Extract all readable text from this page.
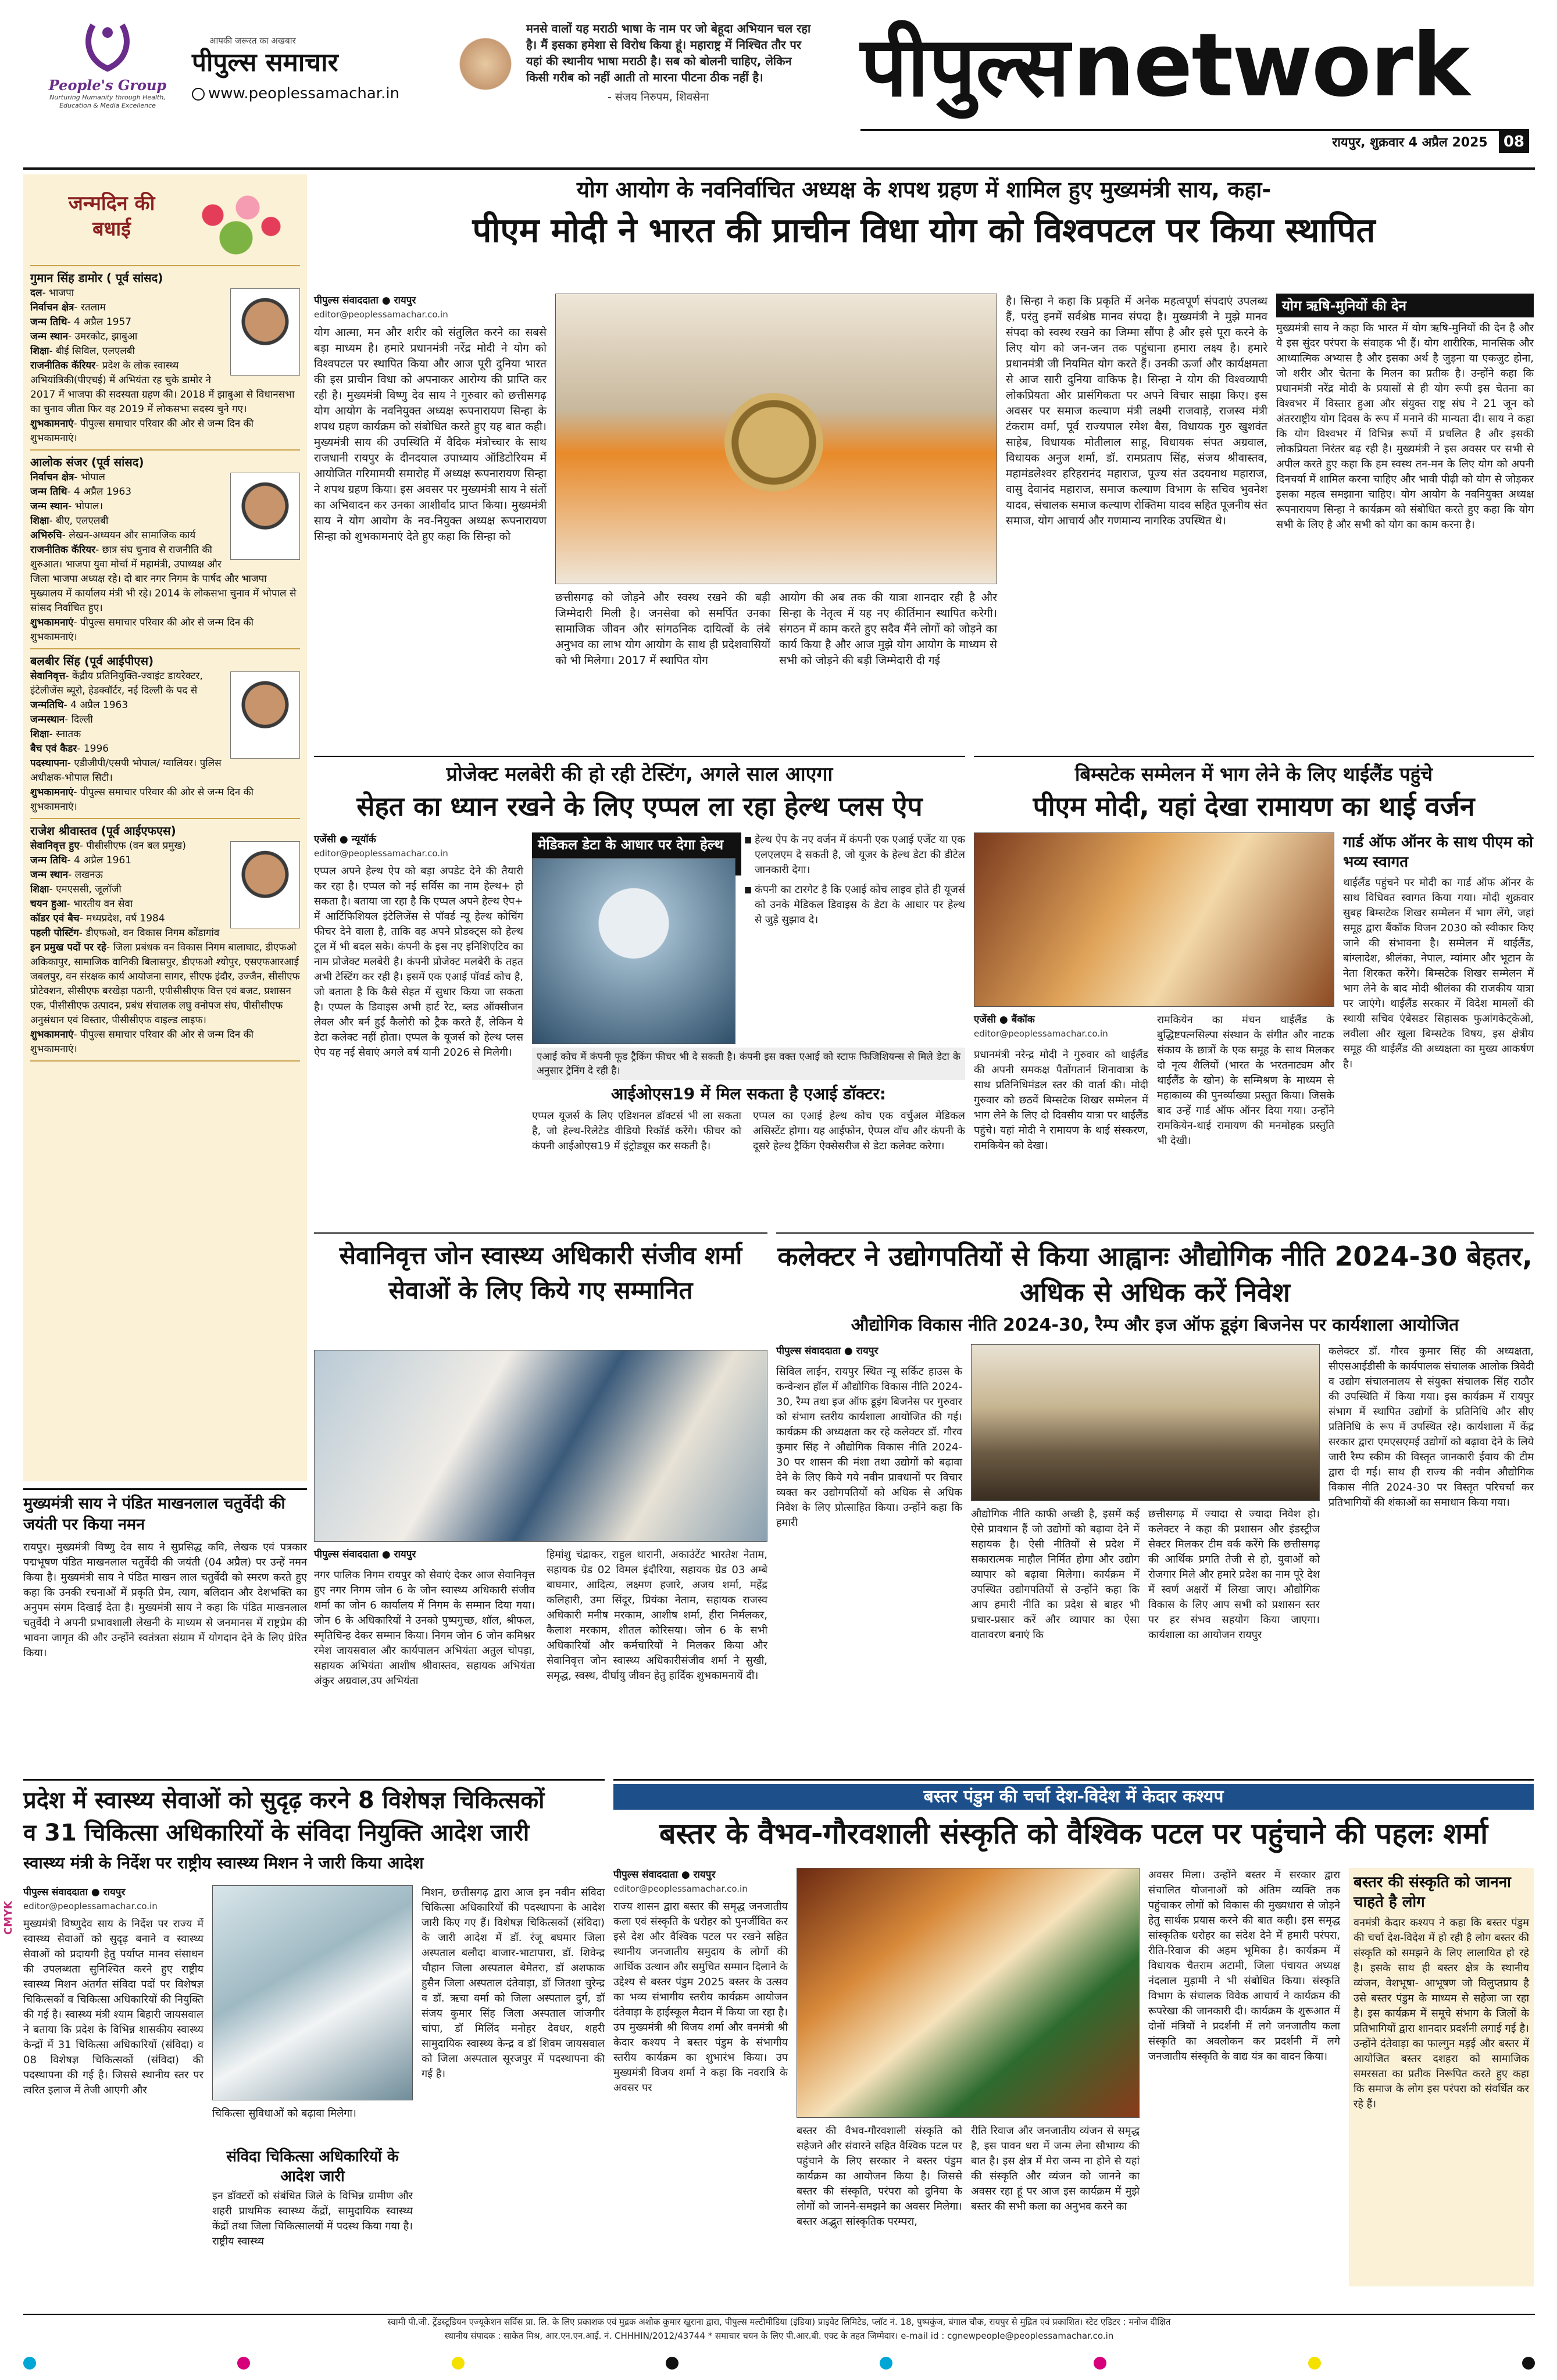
People's Group
Nurturing Humanity through Health, Education & Media Excellence
आपकी जरूरत का अखबार
पीपुल्स समाचार
www.peoplessamachar.in
मनसे वालों यह मराठी भाषा के नाम पर जो बेहूदा अभियान चल रहा है। मैं इसका हमेशा से विरोध किया हूं। महाराष्ट्र में निश्चित तौर पर यहां की स्थानीय भाषा मराठी है। सब को बोलनी चाहिए, लेकिन किसी गरीब को नहीं आती तो मारना पीटना ठीक नहीं है।
- संजय निरुपम, शिवसेना	पीपुल्स network
रायपुर, शुक्रवार 4 अप्रैल 2025 08
जन्मदिन की बधाई
गुमान सिंह डामोर ( पूर्व सांसद)
दल- भाजपा
निर्वाचन क्षेत्र- रतलाम
जन्म तिथि- 4 अप्रैल 1957
जन्म स्थान- उमरकोट, झाबुआ
शिक्षा- बीई सिविल, एलएलबी
राजनीतिक कॅरियर- प्रदेश के लोक स्वास्थ्य अभियांत्रिकी(पीएचई) में अभियंता रह चुके डामोर ने 2017 में भाजपा की सदस्यता ग्रहण की। 2018 में झाबुआ से विधानसभा का चुनाव जीता फिर वह 2019 में लोकसभा सदस्य चुने गए।
शुभकामनाएं- पीपुल्स समाचार परिवार की ओर से जन्म दिन की शुभकामनाएं।
आलोक संजर (पूर्व सांसद)
निर्वाचन क्षेत्र- भोपाल
जन्म तिथि- 4 अप्रैल 1963
जन्म स्थान- भोपाल।
शिक्षा- बीए, एलएलबी
अभिरुचि- लेखन-अध्ययन और सामाजिक कार्य
राजनीतिक कॅरियर- छात्र संघ चुनाव से राजनीति की शुरुआत। भाजपा युवा मोर्चा में महामंत्री, उपाध्यक्ष और जिला भाजपा अध्यक्ष रहे। दो बार नगर निगम के पार्षद और भाजपा मुख्यालय में कार्यालय मंत्री भी रहे। 2014 के लोकसभा चुनाव में भोपाल से सांसद निर्वाचित हुए।
शुभकामनाएं- पीपुल्स समाचार परिवार की ओर से जन्म दिन की शुभकामनाएं।
बलबीर सिंह (पूर्व आईपीएस)
सेवानिवृत्त- केंद्रीय प्रतिनियुक्ति-ज्वाइंट डायरेक्टर, इंटेलीजेंस ब्यूरो, हेडक्वॉर्टर, नई दिल्ली के पद से
जन्मतिथि- 4 अप्रैल 1963
जन्मस्थान- दिल्ली
शिक्षा- स्नातक
बैच एवं कैडर- 1996
पदस्थापना- एडीजीपी/एसपी भोपाल/ ग्वालियर। पुलिस अधीक्षक-भोपाल सिटी।
शुभकामनाएं- पीपुल्स समाचार परिवार की ओर से जन्म दिन की शुभकामनाएं।
राजेश श्रीवास्तव (पूर्व आईएफएस)
सेवानिवृत्त हुए- पीसीसीएफ (वन बल प्रमुख)
जन्म तिथि- 4 अप्रैल 1961
जन्म स्थान- लखनऊ
शिक्षा- एमएससी, जूलॉजी
चयन हुआ- भारतीय वन सेवा
कॉडर एवं बैच- मध्यप्रदेश, वर्ष 1984
पहली पोस्टिंग- डीएफओ, वन विकास निगम कोंडागांव
इन प्रमुख पदों पर रहे- जिला प्रबंधक वन विकास निगम बालाघाट, डीएफओ अकिकापुर, सामाजिक वानिकी बिलासपुर, डीएफओ श्योपुर, एसएफआरआई जबलपुर, वन संरक्षक कार्य आयोजना सागर, सीएफ इंदौर, उज्जैन, सीसीएफ प्रोटेक्शन, सीसीएफ बरखेड़ा पठानी, एपीसीसीएफ वित्त एवं बजट, प्रशासन एक, पीसीसीएफ उत्पादन, प्रबंध संचालक लघु वनोपज संघ, पीसीसीएफ अनुसंधान एवं विस्तार, पीसीसीएफ वाइल्ड लाइफ।
शुभकामनाएं- पीपुल्स समाचार परिवार की ओर से जन्म दिन की शुभकामनाएं।
मुख्यमंत्री साय ने पंडित माखनलाल चतुर्वेदी की जयंती पर किया नमन
रायपुर। मुख्यमंत्री विष्णु देव साय ने सुप्रसिद्ध कवि, लेखक एवं पत्रकार पद्मभूषण पंडित माखनलाल चतुर्वेदी की जयंती (04 अप्रैल) पर उन्हें नमन किया है। मुख्यमंत्री साय ने पंडित माखन लाल चतुर्वेदी को स्मरण करते हुए कहा कि उनकी रचनाओं में प्रकृति प्रेम, त्याग, बलिदान और देशभक्ति का अनुपम संगम दिखाई देता है। मुख्यमंत्री साय ने कहा कि पंडित माखनलाल चतुर्वेदी ने अपनी प्रभावशाली लेखनी के माध्यम से जनमानस में राष्ट्रप्रेम की भावना जागृत की और उन्होंने स्वतंत्रता संग्राम में योगदान देने के लिए प्रेरित किया।
योग आयोग के नवनिर्वाचित अध्यक्ष के शपथ ग्रहण में शामिल हुए मुख्यमंत्री साय, कहा-
पीएम मोदी ने भारत की प्राचीन विधा योग को विश्वपटल पर किया स्थापित
पीपुल्स संवाददाता ● रायपुर
editor@peoplessamachar.co.in
योग आत्मा, मन और शरीर को संतुलित करने का सबसे बड़ा माध्यम है। हमारे प्रधानमंत्री नरेंद्र मोदी ने योग को विश्वपटल पर स्थापित किया और आज पूरी दुनिया भारत की इस प्राचीन विधा को अपनाकर आरोग्य की प्राप्ति कर रही है। मुख्यमंत्री विष्णु देव साय ने गुरुवार को छत्तीसगढ़ योग आयोग के नवनियुक्त अध्यक्ष रूपनारायण सिन्हा के शपथ ग्रहण कार्यक्रम को संबोधित करते हुए यह बात कही। मुख्यमंत्री साय की उपस्थिति में वैदिक मंत्रोच्चार के साथ राजधानी रायपुर के दीनदयाल उपाध्याय ऑडिटोरियम में आयोजित गरिमामयी समारोह में अध्यक्ष रूपनारायण सिन्हा ने शपथ ग्रहण किया। इस अवसर पर मुख्यमंत्री साय ने संतों का अभिवादन कर उनका आशीर्वाद प्राप्त किया। मुख्यमंत्री साय ने योग आयोग के नव-नियुक्त अध्यक्ष रूपनारायण सिन्हा को शुभकामनाएं देते हुए कहा कि सिन्हा को
छत्तीसगढ़ को जोड़ने और स्वस्थ रखने की बड़ी जिम्मेदारी मिली है। जनसेवा को समर्पित उनका सामाजिक जीवन और सांगठनिक दायित्वों के लंबे अनुभव का लाभ योग आयोग के साथ ही प्रदेशवासियों को भी मिलेगा। 2017 में स्थापित योग
आयोग की अब तक की यात्रा शानदार रही है और सिन्हा के नेतृत्व में यह नए कीर्तिमान स्थापित करेगी। संगठन में काम करते हुए सदैव मैंने लोगों को जोड़ने का कार्य किया है और आज मुझे योग आयोग के माध्यम से सभी को जोड़ने की बड़ी जिम्मेदारी दी गई
है। सिन्हा ने कहा कि प्रकृति में अनेक महत्वपूर्ण संपदाएं उपलब्ध हैं, परंतु इनमें सर्वश्रेष्ठ मानव संपदा है। मुख्यमंत्री ने मुझे मानव संपदा को स्वस्थ रखने का जिम्मा सौंपा है और इसे पूरा करने के लिए योग को जन-जन तक पहुंचाना हमारा लक्ष्य है। हमारे प्रधानमंत्री जी नियमित योग करते हैं। उनकी ऊर्जा और कार्यक्षमता से आज सारी दुनिया वाकिफ है। सिन्हा ने योग की विश्वव्यापी लोकप्रियता और प्रासंगिकता पर अपने विचार साझा किए। इस अवसर पर समाज कल्याण मंत्री लक्ष्मी राजवाड़े, राजस्व मंत्री टंकराम वर्मा, पूर्व राज्यपाल रमेश बैस, विधायक गुरु खुशवंत साहेब, विधायक मोतीलाल साहू, विधायक संपत अग्रवाल, विधायक अनुज शर्मा, डॉ. रामप्रताप सिंह, संजय श्रीवास्तव, महामंडलेश्वर हरिहरानंद महाराज, पूज्य संत उदयनाथ महाराज, वासु देवानंद महाराज, समाज कल्याण विभाग के सचिव भुवनेश यादव, संचालक समाज कल्याण रोक्तिमा यादव सहित पूजनीय संत समाज, योग आचार्य और गणमान्य नागरिक उपस्थित थे।
योग ऋषि-मुनियों की देन
मुख्यमंत्री साय ने कहा कि भारत में योग ऋषि-मुनियों की देन है और ये इस सुंदर परंपरा के संवाहक भी हैं। योग शारीरिक, मानसिक और आध्यात्मिक अभ्यास है और इसका अर्थ है जुड़ना या एकजुट होना, जो शरीर और चेतना के मिलन का प्रतीक है। उन्होंने कहा कि प्रधानमंत्री नरेंद्र मोदी के प्रयासों से ही योग रूपी इस चेतना का विश्वभर में विस्तार हुआ और संयुक्त राष्ट्र संघ ने 21 जून को अंतरराष्ट्रीय योग दिवस के रूप में मनाने की मान्यता दी। साय ने कहा कि योग विश्वभर में विभिन्न रूपों में प्रचलित है और इसकी लोकप्रियता निरंतर बढ़ रही है। मुख्यमंत्री ने इस अवसर पर सभी से अपील करते हुए कहा कि हम स्वस्थ तन-मन के लिए योग को अपनी दिनचर्या में शामिल करना चाहिए और भावी पीढ़ी को योग से जोड़कर इसका महत्व समझाना चाहिए। योग आयोग के नवनियुक्त अध्यक्ष रूपनारायण सिन्हा ने कार्यक्रम को संबोधित करते हुए कहा कि योग सभी के लिए है और सभी को योग का काम करना है।
प्रोजेक्ट मलबेरी की हो रही टेस्टिंग, अगले साल आएगा
सेहत का ध्यान रखने के लिए एप्पल ला रहा हेल्थ प्लस ऐप
एजेंसी ● न्यूयॉर्क
editor@peoplessamachar.co.in
एप्पल अपने हेल्थ ऐप को बड़ा अपडेट देने की तैयारी कर रहा है। एप्पल को नई सर्विस का नाम हेल्थ+ हो सकता है। बताया जा रहा है कि एप्पल अपने हेल्थ ऐप+ में आर्टिफिशियल इंटेलिजेंस से पॉवर्ड न्यू हेल्थ कोचिंग फीचर देने वाला है, ताकि वह अपने प्रोडक्ट्स को हेल्थ टूल में भी बदल सके। कंपनी के इस नए इनिशिएटिव का नाम प्रोजेक्ट मलबेरी है। कंपनी प्रोजेक्ट मलबेरी के तहत अभी टेस्टिंग कर रही है। इसमें एक एआई पॉवर्ड कोच है, जो बताता है कि कैसे सेहत में सुधार किया जा सकता है। एप्पल के डिवाइस अभी हार्ट रेट, ब्लड ऑक्सीजन लेवल और बर्न हुई कैलोरी को ट्रैक करते हैं, लेकिन ये डेटा कलेक्ट नहीं होता। एप्पल के यूजर्स को हेल्थ प्लस ऐप यह नई सेवाएं अगले वर्ष यानी 2026 से मिलेगी।
मेडिकल डेटा के आधार पर देगा हेल्थ	■ हेल्थ ऐप के नए वर्जन में कंपनी एक एआई एजेंट या एक एलएलएम दे सकती है, जो यूजर के हेल्थ डेटा की डीटेल जानकारी देगा।
■ कंपनी का टारगेट है कि एआई कोच लाइव होते ही यूजर्स को उनके मेडिकल डिवाइस के डेटा के आधार पर हेल्थ से जुड़े सुझाव दे।
एआई कोच में कंपनी फूड ट्रैकिंग फीचर भी दे सकती है। कंपनी इस वक्त एआई को स्टाफ फिजिशियन्स से मिले डेटा के अनुसार ट्रेनिंग दे रही है।
आईओएस19 में मिल सकता है एआई डॉक्टर:
एप्पल यूजर्स के लिए एडिशनल डॉक्टर्स भी ला सकता है, जो हेल्थ-रिलेटेड वीडियो रिकॉर्ड करेंगे। फीचर को कंपनी आईओएस19 में इंट्रोड्यूस कर सकती है।
एप्पल का एआई हेल्थ कोच एक वर्चुअल मेडिकल असिस्टेंट होगा। यह आईफोन, ऐप्पल वॉच और कंपनी के दूसरे हेल्थ ट्रैकिंग ऐक्सेसरीज से डेटा कलेक्ट करेगा।
बिम्सटेक सम्मेलन में भाग लेने के लिए थाईलैंड पहुंचे
पीएम मोदी, यहां देखा रामायण का थाई वर्जन
एजेंसी ● बैंकॉक
editor@peoplessamachar.co.in
प्रधानमंत्री नरेन्द्र मोदी ने गुरुवार को थाईलैंड की अपनी समकक्ष पैतोंगतार्न शिनावात्रा के साथ प्रतिनिधिमंडल स्तर की वार्ता की। मोदी गुरुवार को छठवें बिम्सटेक शिखर सम्मेलन में भाग लेने के लिए दो दिवसीय यात्रा पर थाईलैंड पहुंचे। यहां मोदी ने रामायण के थाई संस्करण, रामकियेन को देखा।
रामकियेन का मंचन थाईलैंड के बुद्धिष्टपत्नसिल्पा संस्थान के संगीत और नाटक संकाय के छात्रों के एक समूह के साथ मिलकर दो नृत्य शैलियों (भारत के भरतनाट्यम और थाईलैंड के खोन) के सम्मिश्रण के माध्यम से महाकाव्य की पुनर्व्याख्या प्रस्तुत किया। जिसके बाद उन्हें गार्ड ऑफ ऑनर दिया गया। उन्होंने रामकियेन-थाई रामायण की मनमोहक प्रस्तुति भी देखी।
गार्ड ऑफ ऑनर के साथ पीएम को भव्य स्वागत
थाईलैंड पहुंचने पर मोदी का गार्ड ऑफ ऑनर के साथ विधिवत स्वागत किया गया। मोदी शुक्रवार सुबह बिम्सटेक शिखर सम्मेलन में भाग लेंगे, जहां समूह द्वारा बैंकॉक विजन 2030 को स्वीकार किए जाने की संभावना है। सम्मेलन में थाईलैंड, बांग्लादेश, श्रीलंका, नेपाल, म्यांमार और भूटान के नेता शिरकत करेंगे। बिम्सटेक शिखर सम्मेलन में भाग लेने के बाद मोदी श्रीलंका की राजकीय यात्रा पर जाएंगे। थाईलैंड सरकार में विदेश मामलों की स्थायी सचिव एंबेसडर सिहासक फुआंगकेट्केओ, लवीला और खूला बिम्सटेक विषय, इस क्षेत्रीय समूह की थाईलैंड की अध्यक्षता का मुख्य आकर्षण है।
सेवानिवृत्त जोन स्वास्थ्य अधिकारी संजीव शर्मा सेवाओं के लिए किये गए सम्मानित
पीपुल्स संवाददाता ● रायपुर
नगर पालिक निगम रायपुर को सेवाएं देकर आज सेवानिवृत्त हुए नगर निगम जोन 6 के जोन स्वास्थ्य अधिकारी संजीव शर्मा का जोन 6 कार्यालय में निगम के सम्मान दिया गया। जोन 6 के अधिकारियों ने उनको पुष्पगुच्छ, शॉल, श्रीफल, स्मृतिचिन्ह देकर सम्मान किया। निगम जोन 6 जोन कमिश्नर रमेश जायसवाल और कार्यपालन अभियंता अतुल चोपड़ा, सहायक अभियंता आशीष श्रीवास्तव, सहायक अभियंता अंकुर अग्रवाल,उप अभियंता
हिमांशु चंद्राकर, राहुल थारानी, अकाउंटेंट भारतेश नेताम, सहायक ग्रेड 02 विमल इंदौरिया, सहायक ग्रेड 03 अम्बे बाघमार, आदित्य, लक्ष्मण हजारे, अजय शर्मा, महेंद्र कलिहारी, उमा सिंदूर, प्रियंका नेताम, सहायक राजस्व अधिकारी मनीष मरकाम, आशीष शर्मा, हीरा निर्मलकर, कैलाश मरकाम, शीतल कोरिसया। जोन 6 के सभी अधिकारियों और कर्मचारियों ने मिलकर किया और सेवानिवृत्त जोन स्वास्थ्य अधिकारीसंजीव शर्मा ने सुखी, समृद्ध, स्वस्थ, दीर्घायु जीवन हेतु हार्दिक शुभकामनायें दी।
कलेक्टर ने उद्योगपतियों से किया आह्वानः औद्योगिक नीति 2024-30 बेहतर, अधिक से अधिक करें निवेश
औद्योगिक विकास नीति 2024-30, रैम्प और इज ऑफ डूइंग बिजनेस पर कार्यशाला आयोजित
पीपुल्स संवाददाता ● रायपुर
सिविल लाईन, रायपुर स्थित न्यू सर्किट हाउस के कन्वेन्शन हॉल में औद्योगिक विकास नीति 2024-30, रैम्प तथा इज ऑफ डूइंग बिजनेस पर गुरुवार को संभाग स्तरीय कार्यशाला आयोजित की गई। कार्यक्रम की अध्यक्षता कर रहे कलेक्टर डॉ. गौरव कुमार सिंह ने औद्योगिक विकास नीति 2024-30 पर शासन की मंशा तथा उद्योगों को बढ़ावा देने के लिए किये गये नवीन प्रावधानों पर विचार व्यक्त कर उद्योगपतियों को अधिक से अधिक निवेश के लिए प्रोत्साहित किया। उन्होंने कहा कि हमारी
औद्योगिक नीति काफी अच्छी है, इसमें कई ऐसे प्रावधान हैं जो उद्योगों को बढ़ावा देने में सहायक है। ऐसी नीतियों से प्रदेश में सकारात्मक माहौल निर्मित होगा और उद्योग व्यापार को बढ़ावा मिलेगा। कार्यक्रम में उपस्थित उद्योगपतियों से उन्होंने कहा कि आप हमारी नीति का प्रदेश से बाहर भी प्रचार-प्रसार करें और व्यापार का ऐसा वातावरण बनाएं कि
छत्तीसगढ़ में ज्यादा से ज्यादा निवेश हो। कलेक्टर ने कहा की प्रशासन और इंडस्ट्रीज सेक्टर मिलकर टीम वर्क करेंगे कि छत्तीसगढ़ की आर्थिक प्रगति तेजी से हो, युवाओं को रोजगार मिले और हमारे प्रदेश का नाम पूरे देश में स्वर्ण अक्षरों में लिखा जाए। औद्योगिक विकास के लिए आप सभी को प्रशासन स्तर पर हर संभव सहयोग किया जाएगा। कार्यशाला का आयोजन रायपुर
कलेक्टर डॉ. गौरव कुमार सिंह की अध्यक्षता, सीएसआईडीसी के कार्यपालक संचालक आलोक त्रिवेदी व उद्योग संचालनालय से संयुक्त संचालक सिंह राठौर की उपस्थिति में किया गया। इस कार्यक्रम में रायपुर संभाग में स्थापित उद्योगों के प्रतिनिधि और सीए प्रतिनिधि के रूप में उपस्थित रहे। कार्यशाला में केंद्र सरकार द्वारा एमएसएमई उद्योगों को बढ़ावा देने के लिये जारी रैम्प स्कीम की विस्तृत जानकारी ईवाय की टीम द्वारा दी गई। साथ ही राज्य की नवीन औद्योगिक विकास नीति 2024-30 पर विस्तृत परिचर्चा कर प्रतिभागियों की शंकाओं का समाधान किया गया।
प्रदेश में स्वास्थ्य सेवाओं को सुदृढ़ करने 8 विशेषज्ञ चिकित्सकों
व 31 चिकित्सा अधिकारियों के संविदा नियुक्ति आदेश जारी
स्वास्थ्य मंत्री के निर्देश पर राष्ट्रीय स्वास्थ्य मिशन ने जारी किया आदेश
पीपुल्स संवाददाता ● रायपुर
editor@peoplessamachar.co.in
मुख्यमंत्री विष्णुदेव साय के निर्देश पर राज्य में स्वास्थ्य सेवाओं को सुदृढ़ बनाने व स्वास्थ्य सेवाओं को प्रदायगी हेतु पर्याप्त मानव संसाधन की उपलब्धता सुनिश्चित करने हुए राष्ट्रीय स्वास्थ्य मिशन अंतर्गत संविदा पदों पर विशेषज्ञ चिकित्सकों व चिकित्सा अधिकारियों की नियुक्ति की गई है। स्वास्थ्य मंत्री श्याम बिहारी जायसवाल ने बताया कि प्रदेश के विभिन्न शासकीय स्वास्थ्य केन्द्रों में 31 चिकित्सा अधिकारियों (संविदा) व 08 विशेषज्ञ चिकित्सकों (संविदा) की पदस्थापना की गई है। जिससे स्थानीय स्तर पर त्वरित इलाज में तेजी आएगी और
चिकित्सा सुविधाओं को बढ़ावा मिलेगा।
संविदा चिकित्सा अधिकारियों के आदेश जारी
इन डॉक्टरों को संबंधित जिले के विभिन्न ग्रामीण और शहरी प्राथमिक स्वास्थ्य केंद्रों, सामुदायिक स्वास्थ्य केंद्रों तथा जिला चिकित्सालयों में पदस्थ किया गया है। राष्ट्रीय स्वास्थ्य
मिशन, छत्तीसगढ़ द्वारा आज इन नवीन संविदा चिकित्सा अधिकारियों की पदस्थापना के आदेश जारी किए गए हैं। विशेषज्ञ चिकित्सकों (संविदा) के जारी आदेश में डॉ. रंजू बघमार जिला अस्पताल बलौदा बाजार-भाटापारा, डॉ. शिवेन्द्र चौहान जिला अस्पताल बेमेतरा, डॉ अशफाक हुसैन जिला अस्पताल दंतेवाड़ा, डॉ जितशा चुरेन्द्र व डॉ. ऋचा वर्मा को जिला अस्पताल दुर्ग, डॉ संजय कुमार सिंह जिला अस्पताल जांजगीर चांपा, डॉ मिलिंद मनोहर देवधर, शहरी सामुदायिक स्वास्थ्य केन्द्र व डॉ शिवम जायसवाल को जिला अस्पताल सूरजपुर में पदस्थापना की गई है।
बस्तर पंडुम की चर्चा देश-विदेश में केदार कश्यप
बस्तर के वैभव-गौरवशाली संस्कृति को वैश्विक पटल पर पहुंचाने की पहलः शर्मा
पीपुल्स संवाददाता ● रायपुर
editor@peoplessamachar.co.in
राज्य शासन द्वारा बस्तर की समृद्ध जनजातीय कला एवं संस्कृति के धरोहर को पुनर्जीवित कर इसे देश और वैश्विक पटल पर रखने सहित स्थानीय जनजातीय समुदाय के लोगों की आर्थिक उत्थान और समुचित सम्मान दिलाने के उद्देश्य से बस्तर पंडुम 2025 बस्तर के उत्सव का भव्य संभागीय स्तरीय कार्यक्रम आयोजन दंतेवाड़ा के हाईस्कूल मैदान में किया जा रहा है। उप मुख्यमंत्री श्री विजय शर्मा और वनमंत्री श्री केदार कश्यप ने बस्तर पंडुम के संभागीय स्तरीय कार्यक्रम का शुभारंभ किया। उप मुख्यमंत्री विजय शर्मा ने कहा कि नवरात्रि के अवसर पर
बस्तर की वैभव-गौरवशाली संस्कृति को सहेजने और संवारने सहित वैश्विक पटल पर पहुंचाने के लिए सरकार ने बस्तर पंडुम कार्यक्रम का आयोजन किया है। जिससे बस्तर की संस्कृति, परंपरा को दुनिया के लोगों को जानने-समझने का अवसर मिलेगा। बस्तर अद्भुत सांस्कृतिक परम्परा,
रीति रिवाज और जनजातीय व्यंजन से समृद्ध है, इस पावन धरा में जन्म लेना सौभाग्य की बात है। इस क्षेत्र में मेरा जन्म ना होने से यहां की संस्कृति और व्यंजन को जानने का अवसर रहा हूं पर आज इस कार्यक्रम में मुझे बस्तर की सभी कला का अनुभव करने का
अवसर मिला। उन्होंने बस्तर में सरकार द्वारा संचालित योजनाओं को अंतिम व्यक्ति तक पहुंचाकर लोगों को विकास की मुख्यधारा से जोड़ने हेतु सार्थक प्रयास करने की बात कही। इस समृद्ध सांस्कृतिक धरोहर का संदेश देने में हमारी परंपरा, रीति-रिवाज की अहम भूमिका है। कार्यक्रम में विधायक चैतराम अटामी, जिला पंचायत अध्यक्ष नंदलाल मुड़ामी ने भी संबोधित किया। संस्कृति विभाग के संचालक विवेक आचार्य ने कार्यक्रम की रूपरेखा की जानकारी दी। कार्यक्रम के शुरूआत में दोनों मंत्रियों ने प्रदर्शनी में लगे जनजातीय कला संस्कृति का अवलोकन कर प्रदर्शनी में लगे जनजातीय संस्कृति के वाद्य यंत्र का वादन किया।
बस्तर की संस्कृति को जानना चाहते है लोग
वनमंत्री केदार कश्यप ने कहा कि बस्तर पंडुम की चर्चा देश-विदेश में हो रही है लोग बस्तर की संस्कृति को समझने के लिए लालायित हो रहे है। इसके साथ ही बस्तर क्षेत्र के स्थानीय व्यंजन, वेशभूषा- आभूषण जो विलुप्तप्राय है उसे बस्तर पंडुम के माध्यम से सहेजा जा रहा है। इस कार्यक्रम में समूचे संभाग के जिलों के प्रतिभागियों द्वारा शानदार प्रदर्शनी लगाई गई है। उन्होंने दंतेवाड़ा का फाल्गुन मड़ई और बस्तर में आयोजित बस्तर दशहरा को सामाजिक समरसता का प्रतीक निरूपित करते हुए कहा कि समाज के लोग इस परंपरा को संवर्धित कर रहे हैं।
CMYK
स्वामी पी.जी. ट्रेंडस्टूडियन एज्यूकेशन सर्विस प्रा. लि. के लिए प्रकाशक एवं मुद्रक अशोक कुमार खुराना द्वारा, पीपुल्स मल्टीमीडिया (इंडिया) प्राइवेट लिमिटेड, प्लॉट नं. 18, पुष्पकुंज, बंगाल चौक, रायपुर से मुद्रित एवं प्रकाशित। स्टेट एडिटर : मनोज दीक्षित
स्थानीय संपादक : साकेत मिश्र, आर.एन.एन.आई. नं. CHHHIN/2012/43744 * समाचार चयन के लिए पी.आर.बी. एक्ट के तहत जिम्मेदार। e-mail id : cgnewpeople@peoplessamachar.co.in
